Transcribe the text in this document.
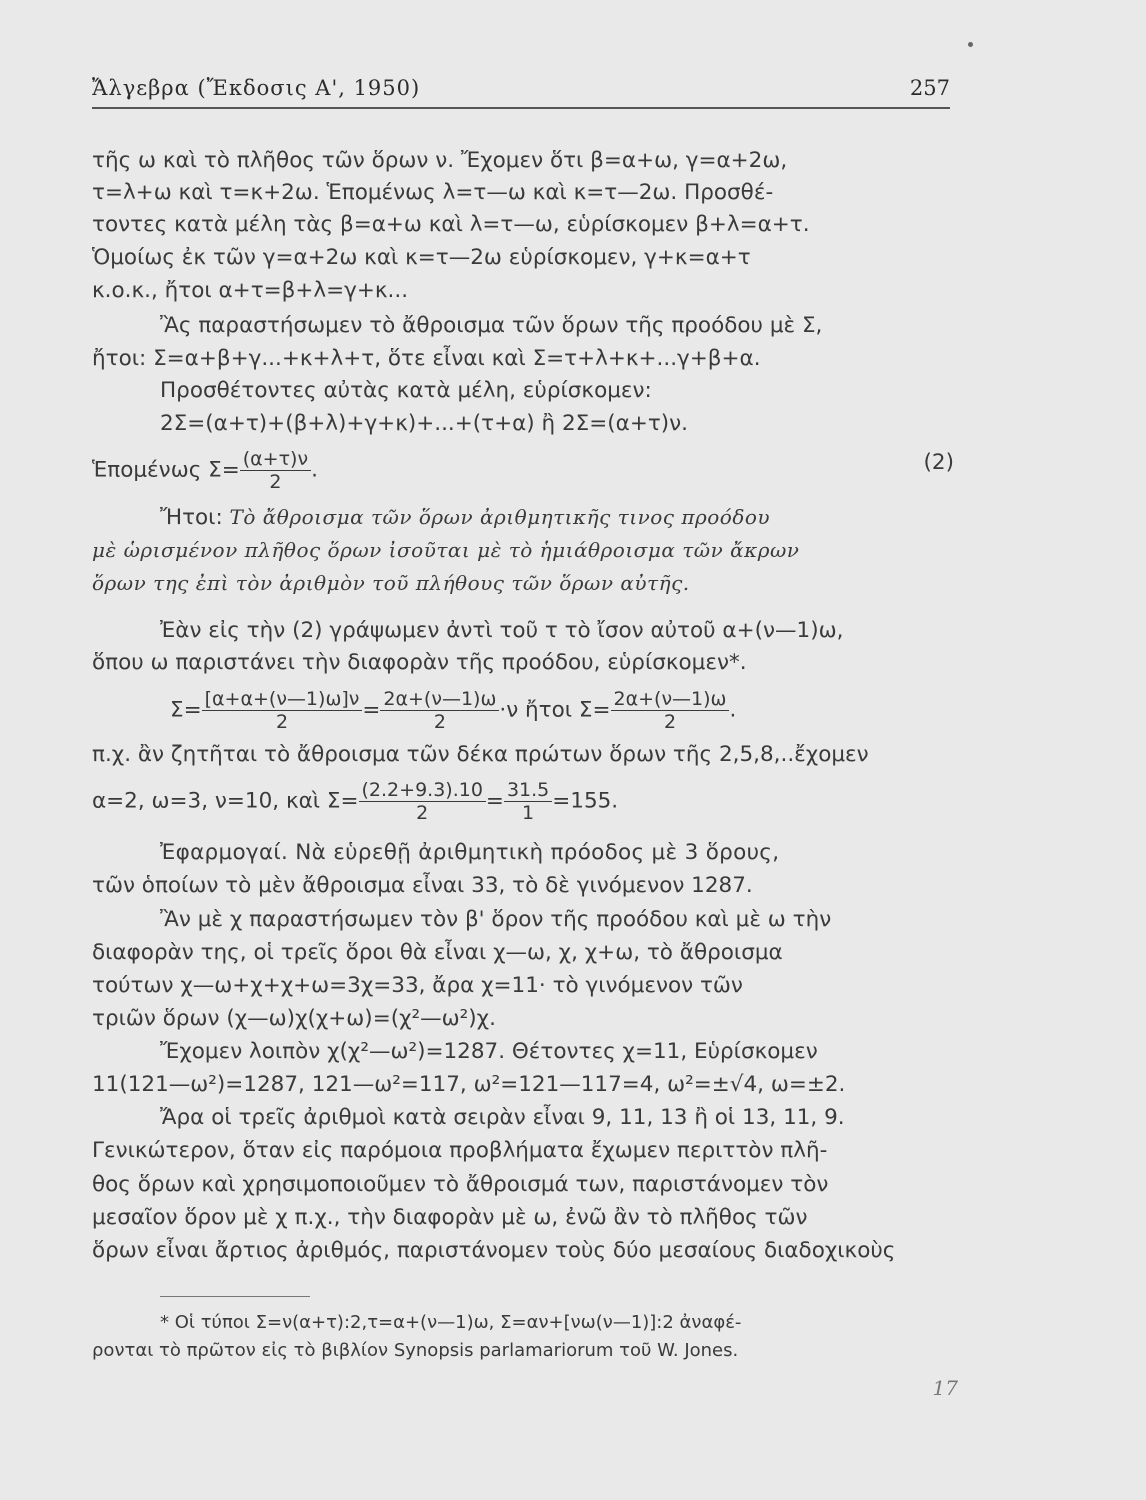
Ἄλγεβρα (Ἔκδοσις Α', 1950)	257
τῆς ω καὶ τὸ πλῆθος τῶν ὅρων ν. Ἔχομεν ὅτι β=α+ω, γ=α+2ω,
τ=λ+ω καὶ τ=κ+2ω. Ἑπομένως λ=τ—ω καὶ κ=τ—2ω. Προσθέ-
τοντες κατὰ μέλη τὰς β=α+ω καὶ λ=τ—ω, εὑρίσκομεν β+λ=α+τ.
Ὁμοίως ἐκ τῶν γ=α+2ω καὶ κ=τ—2ω εὑρίσκομεν, γ+κ=α+τ
κ.ο.κ., ἤτοι α+τ=β+λ=γ+κ...
Ἂς παραστήσωμεν τὸ ἄθροισμα τῶν ὅρων τῆς προόδου μὲ Σ,
ἤτοι: Σ=α+β+γ...+κ+λ+τ, ὅτε εἶναι καὶ Σ=τ+λ+κ+...γ+β+α.
Προσθέτοντες αὐτὰς κατὰ μέλη, εὑρίσκομεν:
2Σ=(α+τ)+(β+λ)+γ+κ)+...+(τ+α) ἢ 2Σ=(α+τ)ν.
Ἑπομένως $\Sigma= \frac{(\alpha+\tau)\nu}{2}$ .	(2)
Ἤτοι: Τὸ ἄθροισμα τῶν ὅρων ἀριθμητικῆς τινος προόδου
μὲ ὡρισμένον πλῆθος ὅρων ἰσοῦται μὲ τὸ ἡμιάθροισμα τῶν ἄκρων
ὅρων της ἐπὶ τὸν ἀριθμὸν τοῦ πλήθους τῶν ὅρων αὐτῆς.
Ἐὰν εἰς τὴν (2) γράψωμεν ἀντὶ τοῦ τ τὸ ἴσον αὐτοῦ α+(ν—1)ω,
ὅπου ω παριστάνει τὴν διαφορὰν τῆς προόδου, εὑρίσκομεν*.
$\Sigma= \frac{[\alpha+\alpha+(\nu—1)\omega]\nu}{2} = \frac{2\alpha+(\nu—1)\omega}{2} \cdot\nu$ ἤτοι $\Sigma= \frac{2\alpha+(\nu—1)\omega}{2}$ .
π.χ. ἂν ζητῆται τὸ ἄθροισμα τῶν δέκα πρώτων ὅρων τῆς 2,5,8,..ἔχομεν
α=2, ω=3, ν=10, καὶ $\Sigma= \frac{(2.2+9.3).10}{2} = \frac{31.5}{1} =155$.
Ἐφαρμογαί. Νὰ εὑρεθῇ ἀριθμητικὴ πρόοδος μὲ 3 ὅρους,
τῶν ὁποίων τὸ μὲν ἄθροισμα εἶναι 33, τὸ δὲ γινόμενον 1287.
Ἂν μὲ χ παραστήσωμεν τὸν β' ὅρον τῆς προόδου καὶ μὲ ω τὴν
διαφορὰν της, οἱ τρεῖς ὅροι θὰ εἶναι χ—ω, χ, χ+ω, τὸ ἄθροισμα
τούτων χ—ω+χ+χ+ω=3χ=33, ἄρα χ=11· τὸ γινόμενον τῶν
τριῶν ὅρων (χ—ω)χ(χ+ω)=(χ²—ω²)χ.
Ἔχομεν λοιπὸν χ(χ²—ω²)=1287. Θέτοντες χ=11, Εὑρίσκομεν
11(121—ω²)=1287, 121—ω²=117, ω²=121—117=4, ω²=±√4, ω=±2.
Ἄρα οἱ τρεῖς ἀριθμοὶ κατὰ σειρὰν εἶναι 9, 11, 13 ἢ οἱ 13, 11, 9.
Γενικώτερον, ὅταν εἰς παρόμοια προβλήματα ἔχωμεν περιττὸν πλῆ-
θος ὅρων καὶ χρησιμοποιοῦμεν τὸ ἄθροισμά των, παριστάνομεν τὸν
μεσαῖον ὅρον μὲ χ π.χ., τὴν διαφορὰν μὲ ω, ἐνῶ ἂν τὸ πλῆθος τῶν
ὅρων εἶναι ἄρτιος ἀριθμός, παριστάνομεν τοὺς δύο μεσαίους διαδοχικοὺς
* Οἱ τύποι Σ=ν(α+τ):2,τ=α+(ν—1)ω, Σ=αν+[νω(ν—1)]:2 ἀναφέ-
ρονται τὸ πρῶτον εἰς τὸ βιβλίον Synopsis parlamariorum τοῦ W. Jones.
17
